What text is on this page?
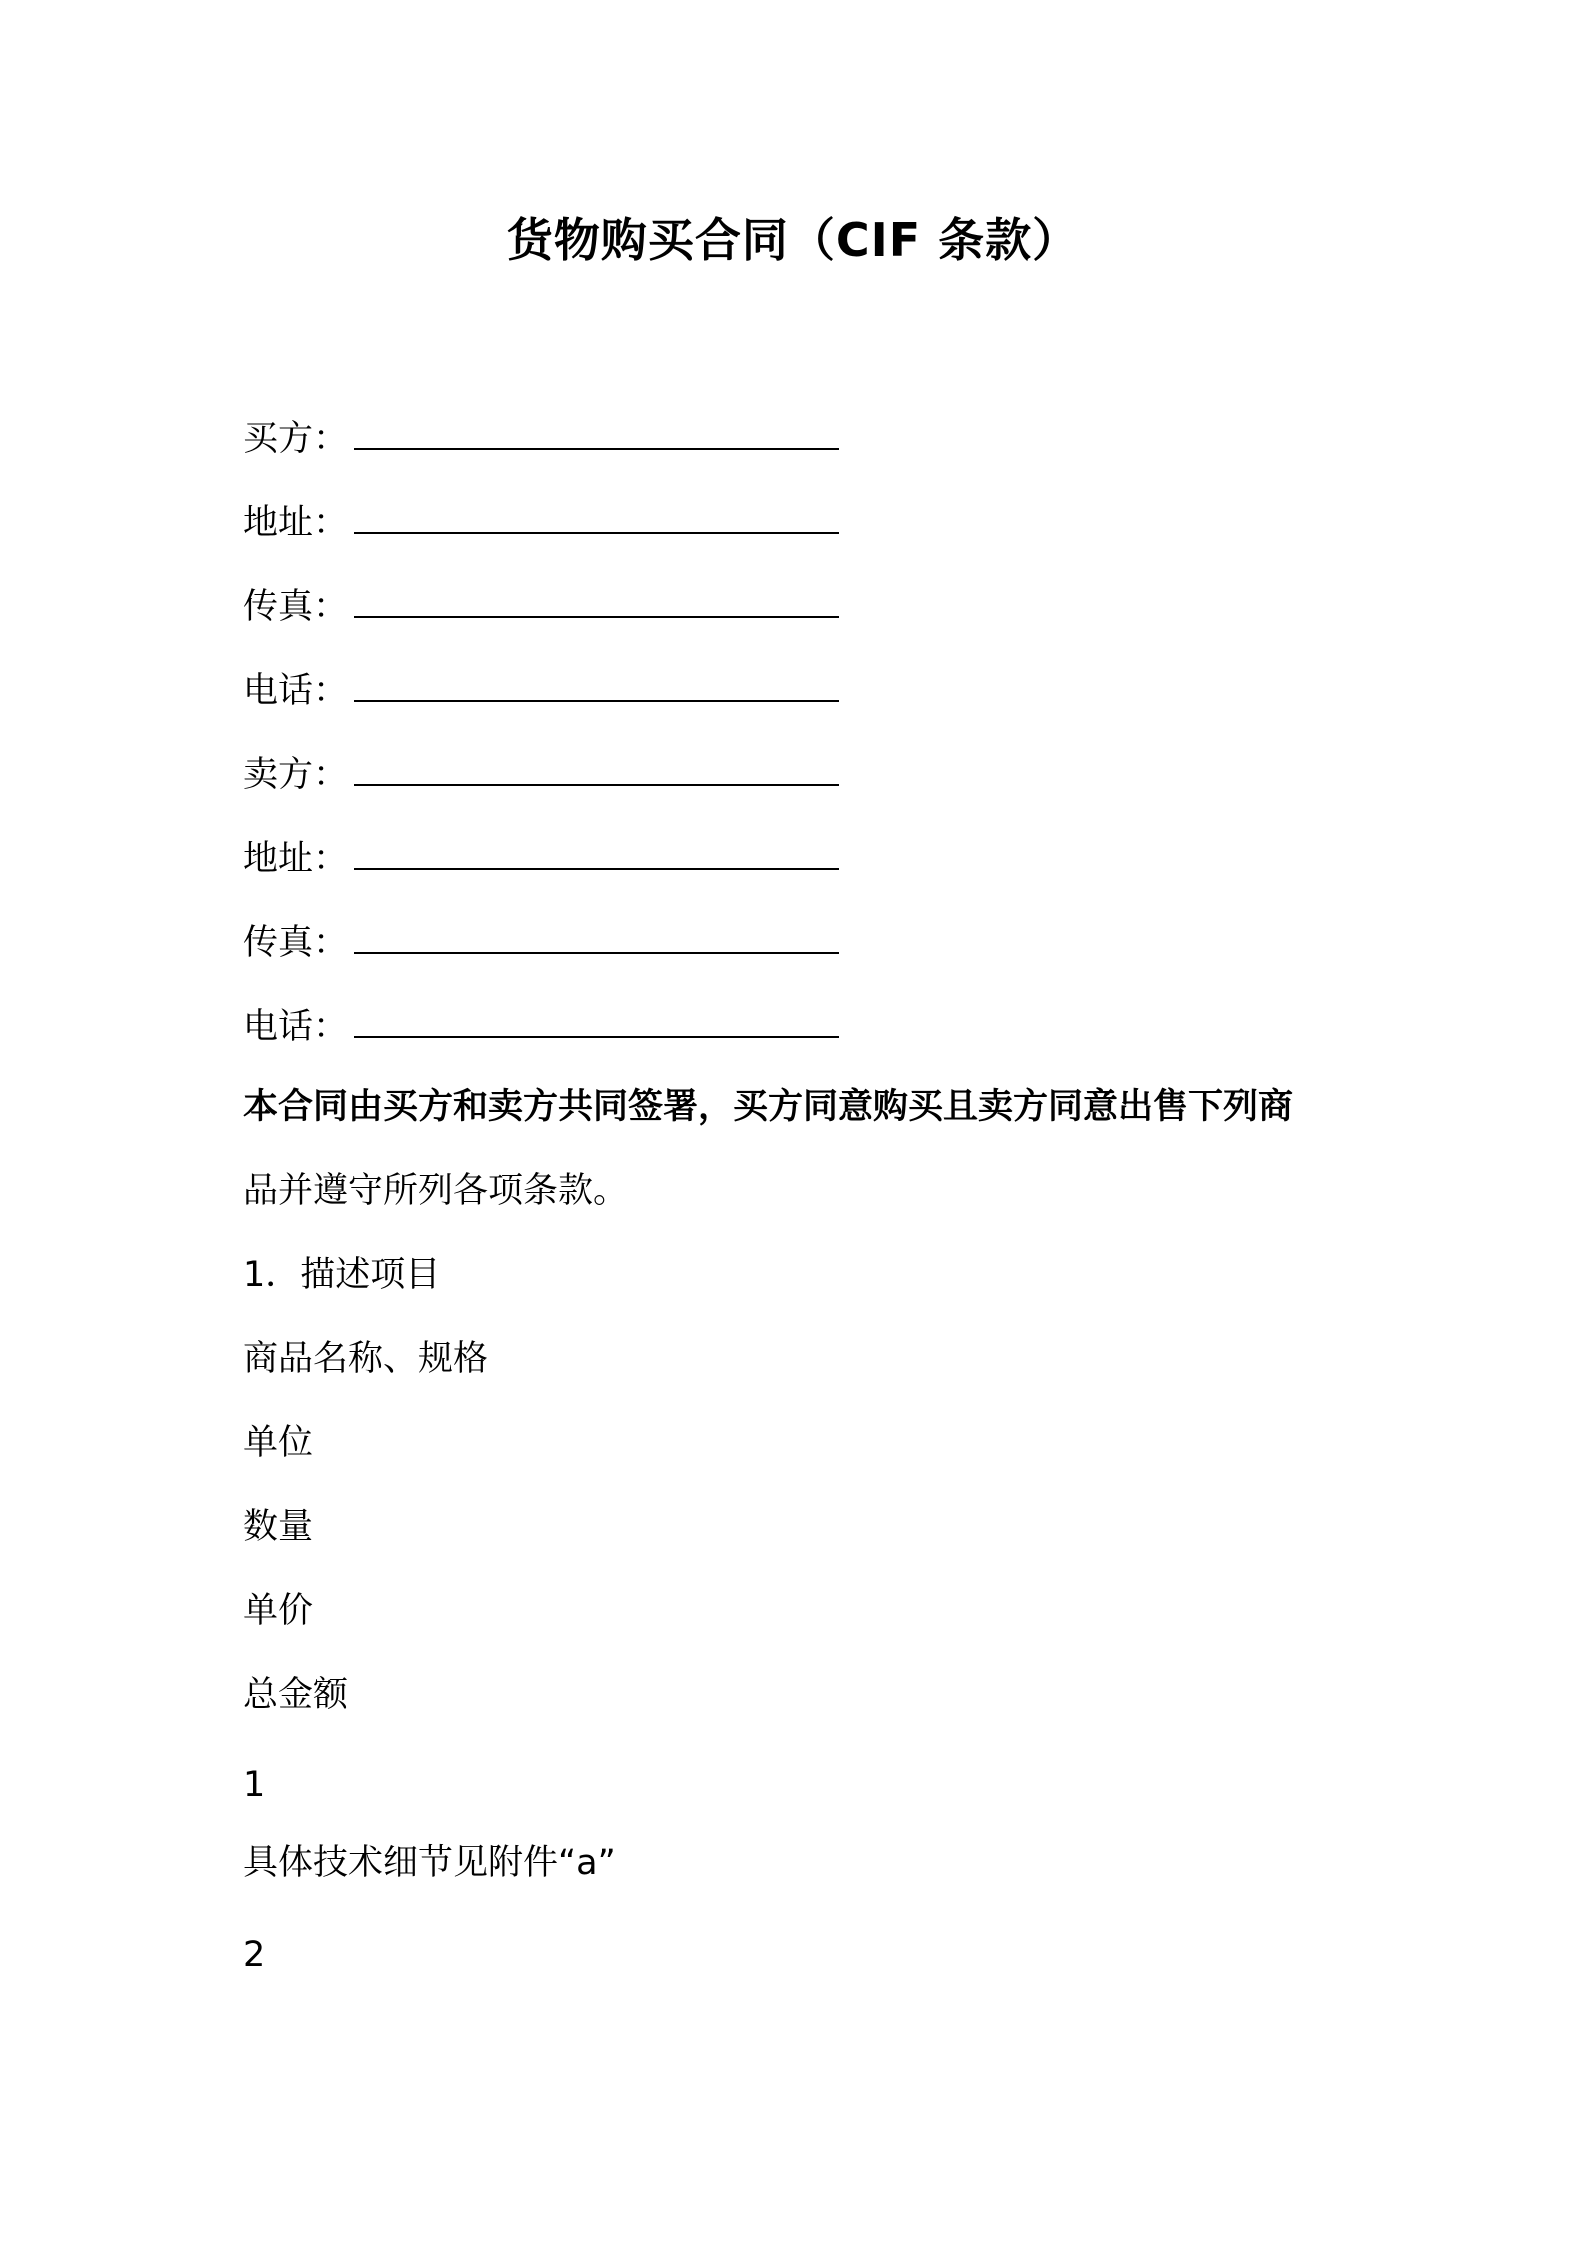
货物购买合同（CIF 条款）
买方：
地址：
传真：
电话：
卖方：
地址：
传真：
电话：
本合同由买方和卖方共同签署，买方同意购买且卖方同意出售下列商
品并遵守所列各项条款。
1．描述项目
商品名称、规格
单位
数量
单价
总金额
1
具体技术细节见附件“a”
2
